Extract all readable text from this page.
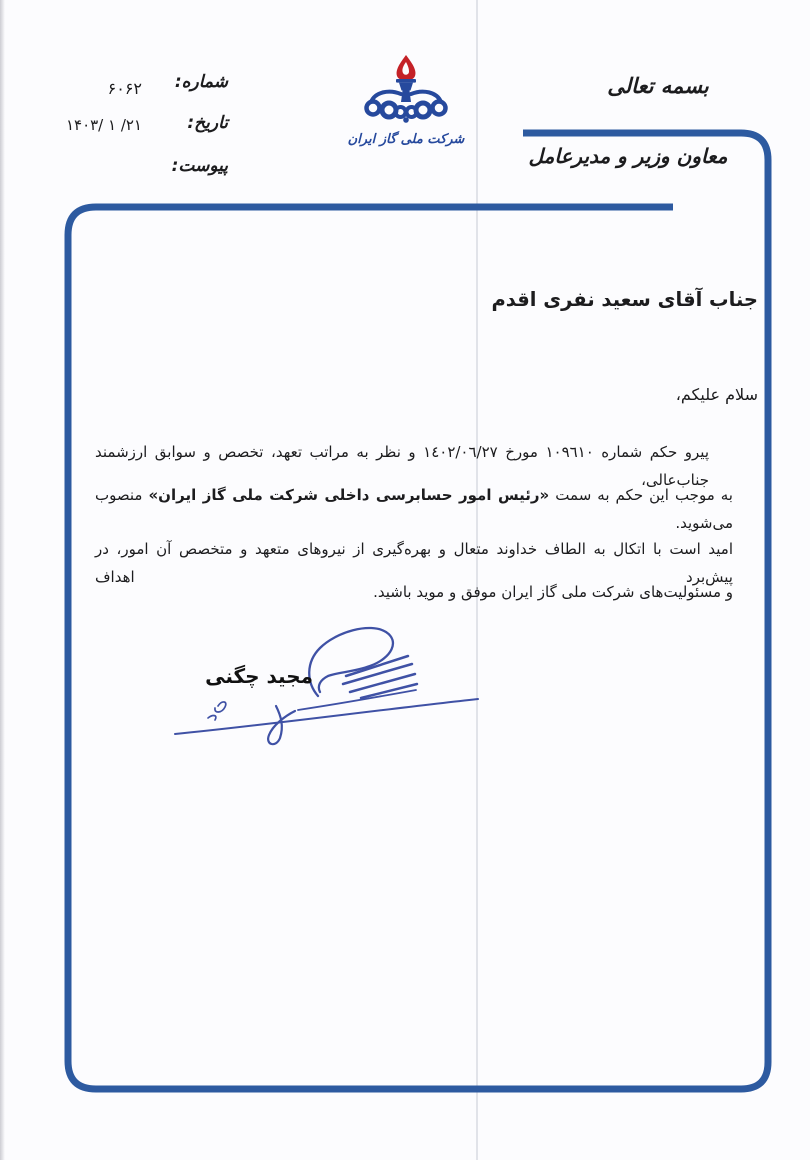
شماره:
۶۰۶۲
تاریخ:
۱۴۰۳/ ۱ /۲۱
پیوست:
شرکت ملی گاز ایران
بسمه تعالی
معاون وزیر و مدیرعامل
جناب آقای سعید نفری اقدم
سلام علیکم،
پیرو حکم شماره ۱۰۹٦۱۰ مورخ ۱٤۰۲/۰٦/۲۷ و نظر به مراتب تعهد، تخصص و سوابق ارزشمند جناب‌عالی،
به موجب این حکم به سمت «رئیس امور حسابرسی داخلی شرکت ملی گاز ایران» منصوب می‌شوید.
امید است با اتکال به الطاف خداوند متعال و بهره‌گیری از نیروهای متعهد و متخصص آن امور، در پیش‌برد اهداف
و مسئولیت‌های شرکت ملی گاز ایران موفق و موید باشید.
مجید چگنی
